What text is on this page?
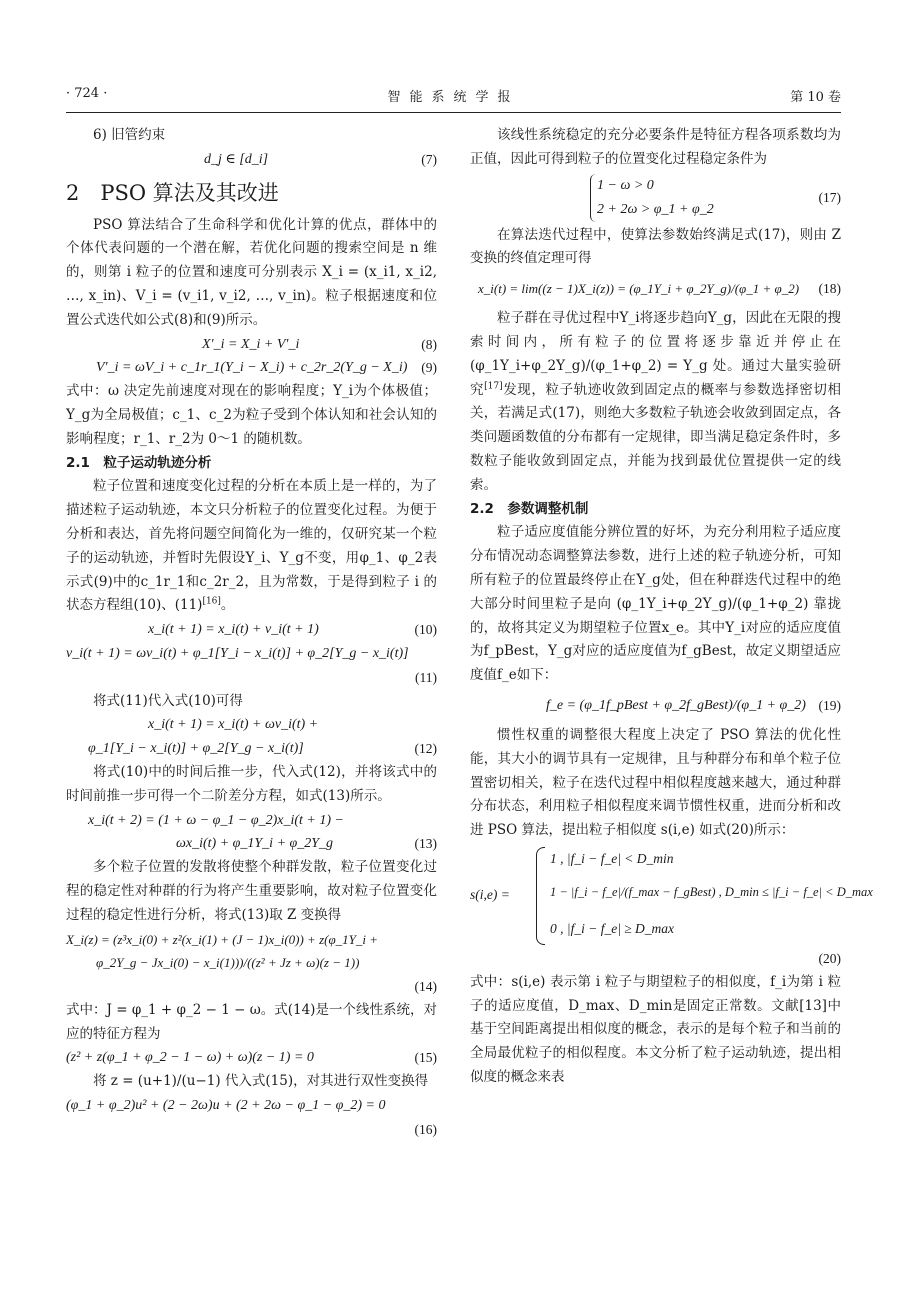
· 724 ·	智能系统学报	第 10 卷

6) 旧管约束

d_j ∈ [d_i]	(7)
2　PSO 算法及其改进

PSO 算法结合了生命科学和优化计算的优点，群体中的个体代表问题的一个潜在解，若优化问题的搜索空间是 n 维的，则第 i 粒子的位置和速度可分别表示 X_i = (x_i1, x_i2, …, x_in)、V_i = (v_i1, v_i2, …, v_in)。粒子根据速度和位置公式迭代如公式(8)和(9)所示。

X′_i = X_i + V′_i	(8)
V′_i = ωV_i + c_1r_1(Y_i − X_i) + c_2r_2(Y_g − X_i) (9)

式中：ω 决定先前速度对现在的影响程度；Y_i为个体极值；Y_g为全局极值；c_1、c_2为粒子受到个体认知和社会认知的影响程度；r_1、r_2为 0～1 的随机数。

2.1　粒子运动轨迹分析

粒子位置和速度变化过程的分析在本质上是一样的，为了描述粒子运动轨迹，本文只分析粒子的位置变化过程。为便于分析和表达，首先将问题空间简化为一维的，仅研究某一个粒子的运动轨迹，并暂时先假设Y_i、Y_g不变，用φ_1、φ_2表示式(9)中的c_1r_1和c_2r_2，且为常数，于是得到粒子 i 的状态方程组(10)、(11)[16]。

x_i(t + 1) = x_i(t) + v_i(t + 1)	(10)
v_i(t + 1) = ωv_i(t) + φ_1[Y_i − x_i(t)] + φ_2[Y_g − x_i(t)]
(11)

将式(11)代入式(10)可得

x_i(t + 1) = x_i(t) + ωv_i(t) +
φ_1[Y_i − x_i(t)] + φ_2[Y_g − x_i(t)]	(12)

将式(10)中的时间后推一步，代入式(12)，并将该式中的时间前推一步可得一个二阶差分方程，如式(13)所示。

x_i(t + 2) = (1 + ω − φ_1 − φ_2)x_i(t + 1) −
ωx_i(t) + φ_1Y_i + φ_2Y_g	(13)

多个粒子位置的发散将使整个种群发散，粒子位置变化过程的稳定性对种群的行为将产生重要影响，故对粒子位置变化过程的稳定性进行分析，将式(13)取 Z 变换得

X_i(z) = (z³x_i(0) + z²(x_i(1) + (J − 1)x_i(0)) + z(φ_1Y_i +
φ_2Y_g − Jx_i(0) − x_i(1)))/((z² + Jz + ω)(z − 1))
(14)

式中：J = φ_1 + φ_2 − 1 − ω。式(14)是一个线性系统，对应的特征方程为

(z² + z(φ_1 + φ_2 − 1 − ω) + ω)(z − 1) = 0	(15)

将 z = (u+1)/(u−1) 代入式(15)，对其进行双性变换得

(φ_1 + φ_2)u² + (2 − 2ω)u + (2 + 2ω − φ_1 − φ_2) = 0
(16)

该线性系统稳定的充分必要条件是特征方程各项系数均为正值，因此可得到粒子的位置变化过程稳定条件为

1 − ω > 0
2 + 2ω > φ_1 + φ_2
(17)

在算法迭代过程中，使算法参数始终满足式(17)，则由 Z 变换的终值定理可得

x_i(t) = lim((z − 1)X_i(z)) = (φ_1Y_i + φ_2Y_g)/(φ_1 + φ_2) (18)

粒子群在寻优过程中Y_i将逐步趋向Y_g，因此在无限的搜索时间内，所有粒子的位置将逐步靠近并停止在 (φ_1Y_i+φ_2Y_g)/(φ_1+φ_2) = Y_g 处。通过大量实验研究[17]发现，粒子轨迹收敛到固定点的概率与参数选择密切相关，若满足式(17)，则绝大多数粒子轨迹会收敛到固定点，各类问题函数值的分布都有一定规律，即当满足稳定条件时，多数粒子能收敛到固定点，并能为找到最优位置提供一定的线索。

2.2　参数调整机制

粒子适应度值能分辨位置的好坏，为充分利用粒子适应度分布情况动态调整算法参数，进行上述的粒子轨迹分析，可知所有粒子的位置最终停止在Y_g处，但在种群迭代过程中的绝大部分时间里粒子是向 (φ_1Y_i+φ_2Y_g)/(φ_1+φ_2) 靠拢的，故将其定义为期望粒子位置x_e。其中Y_i对应的适应度值为f_pBest，Y_g对应的适应度值为f_gBest，故定义期望适应度值f_e如下：

f_e = (φ_1f_pBest + φ_2f_gBest)/(φ_1 + φ_2) (19)

惯性权重的调整很大程度上决定了 PSO 算法的优化性能，其大小的调节具有一定规律，且与种群分布和单个粒子位置密切相关，粒子在迭代过程中相似程度越来越大，通过种群分布状态，利用粒子相似程度来调节惯性权重，进而分析和改进 PSO 算法，提出粒子相似度 s(i,e) 如式(20)所示：

s(i,e) =
1 , |f_i − f_e| < D_min
1 − |f_i − f_e|/(f_max − f_gBest) , D_min ≤ |f_i − f_e| < D_max
0 , |f_i − f_e| ≥ D_max
(20)

式中：s(i,e) 表示第 i 粒子与期望粒子的相似度，f_i为第 i 粒子的适应度值，D_max、D_min是固定正常数。文献[13]中基于空间距离提出相似度的概念，表示的是每个粒子和当前的全局最优粒子的相似程度。本文分析了粒子运动轨迹，提出相似度的概念来表
